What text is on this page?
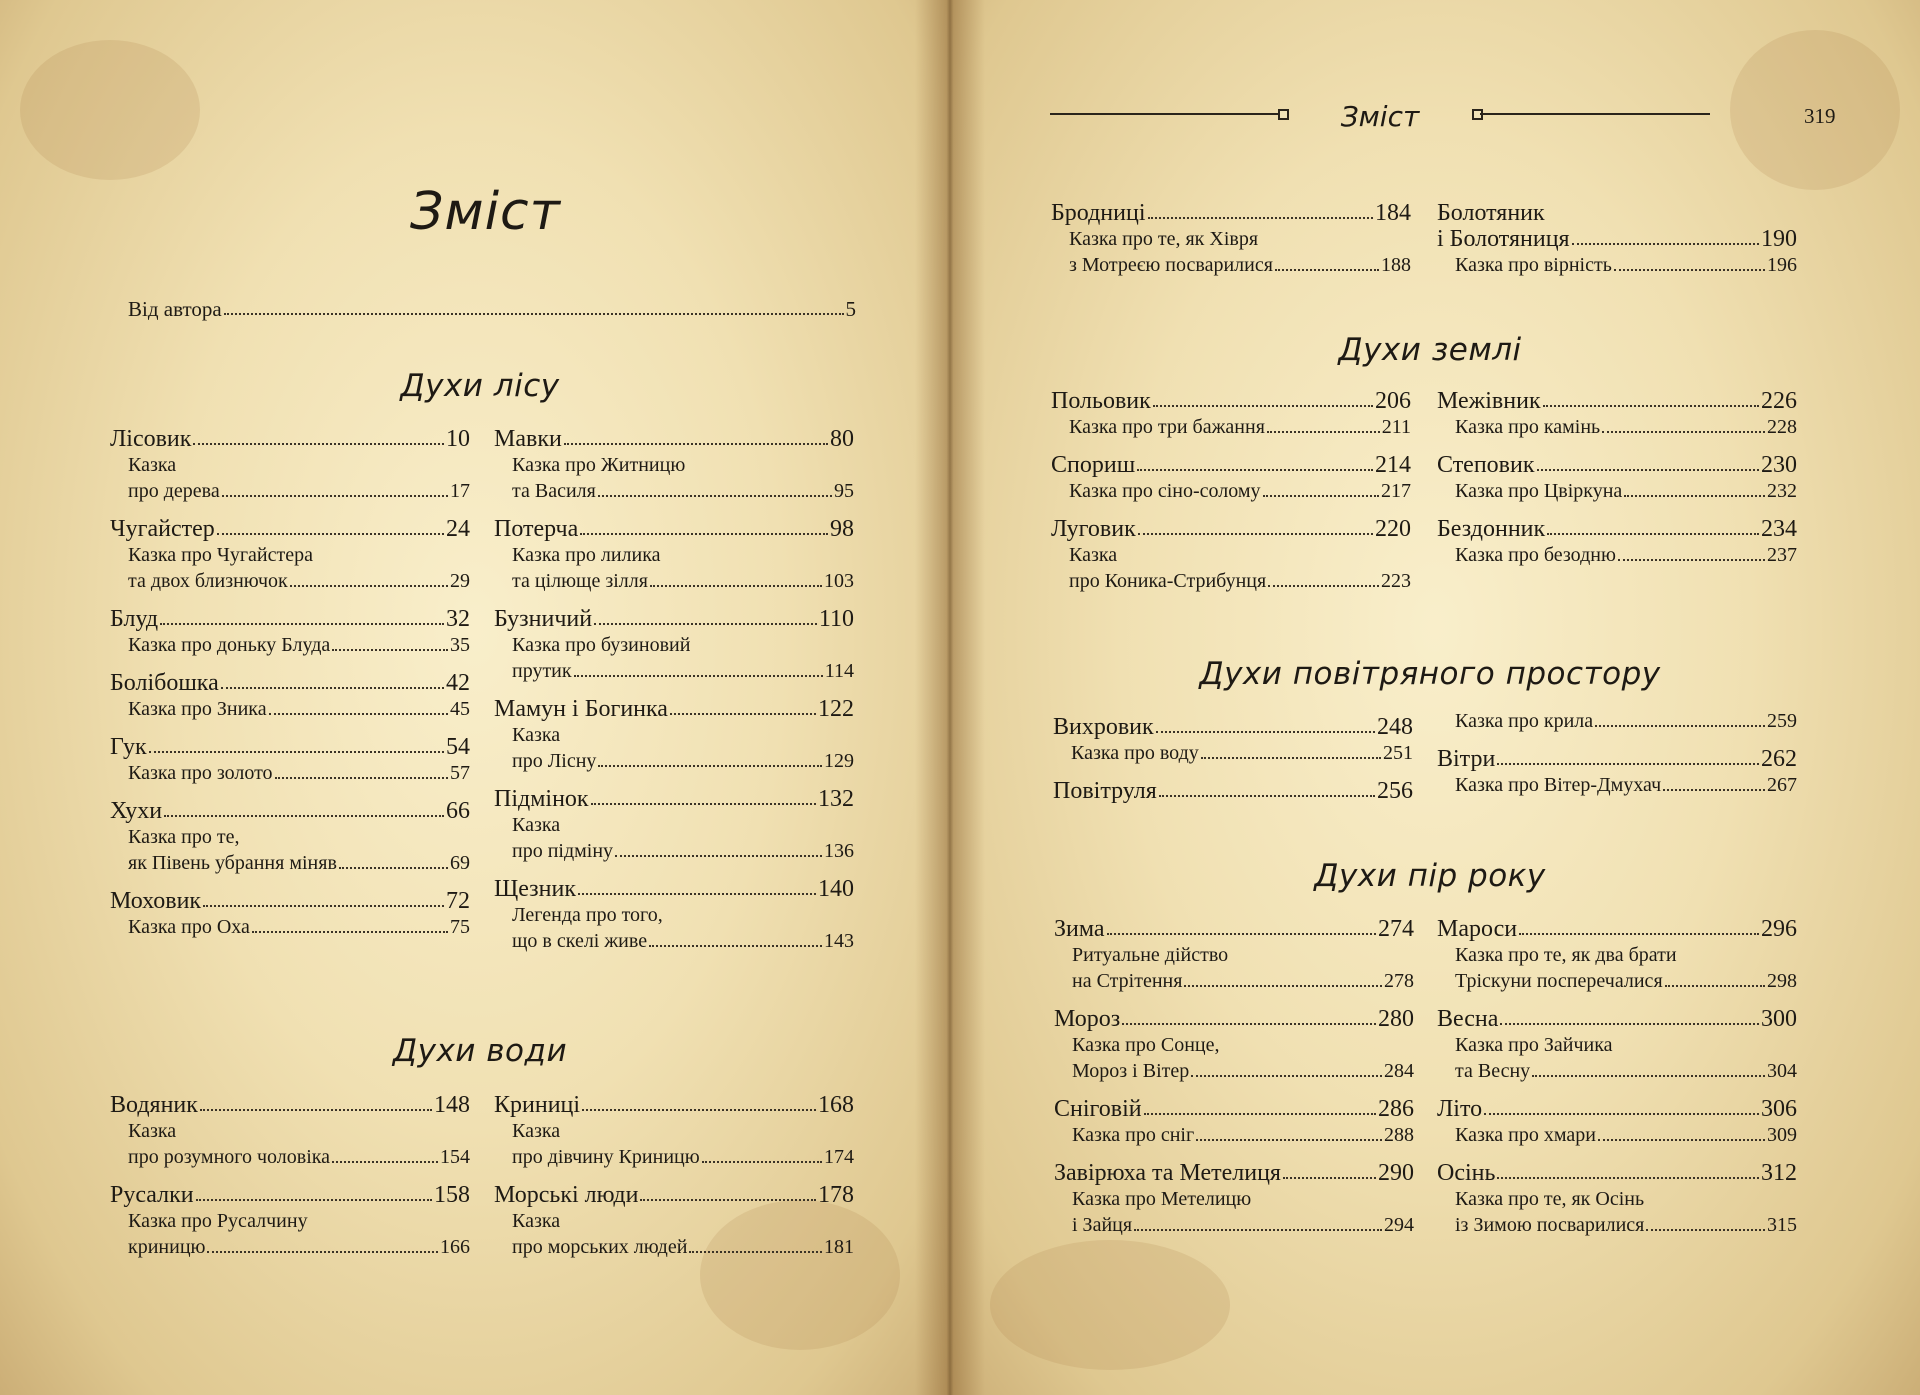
Зміст
Від автора	5
Духи лісу
Духи води
Лісовик	10
Казка
про дерева	17
Чугайстер	24
Казка про Чугайстера
та двох близнючок	29
Блуд	32
Казка про доньку Блуда	35
Болібошка	42
Казка про Зника	45
Гук	54
Казка про золото	57
Хухи	66
Казка про те,
як Півень убрання міняв	69
Моховик	72
Казка про Оха	75
Мавки	80
Казка про Житницю
та Василя	95
Потерча	98
Казка про лилика
та цілюще зілля	103
Бузничий	110
Казка про бузиновий
прутик	114
Мамун і Богинка	122
Казка
про Лісну	129
Підмінок	132
Казка
про підміну	136
Щезник	140
Легенда про того,
що в скелі живе	143
Водяник	148
Казка
про розумного чоловіка	154
Русалки	158
Казка про Русалчину
криницю	166
Криниці	168
Казка
про дівчину Криницю	174
Морські люди	178
Казка
про морських людей	181
Зміст	319
Бродниці	184
Казка про те, як Хівря
з Мотреєю посварилися	188
Болотяник
і Болотяниця	190
Казка про вірність	196
Духи землі
Духи повітряного простору
Духи пір року
Польовик	206
Казка про три бажання	211
Спориш	214
Казка про сіно-солому	217
Луговик	220
Казка
про Коника-Стрибунця	223
Межівник	226
Казка про камінь	228
Степовик	230
Казка про Цвіркуна	232
Бездонник	234
Казка про безодню	237
Вихровик	248
Казка про воду	251
Повітруля	256
Казка про крила	259
Вітри	262
Казка про Вітер-Дмухач	267
Зима	274
Ритуальне дійство
на Стрітення	278
Мороз	280
Казка про Сонце,
Мороз і Вітер	284
Сніговій	286
Казка про сніг	288
Завірюха та Метелиця	290
Казка про Метелицю
і Зайця	294
Мароси	296
Казка про те, як два брати
Тріскуни посперечалися	298
Весна	300
Казка про Зайчика
та Весну	304
Літо	306
Казка про хмари	309
Осінь	312
Казка про те, як Осінь
із Зимою посварилися	315
